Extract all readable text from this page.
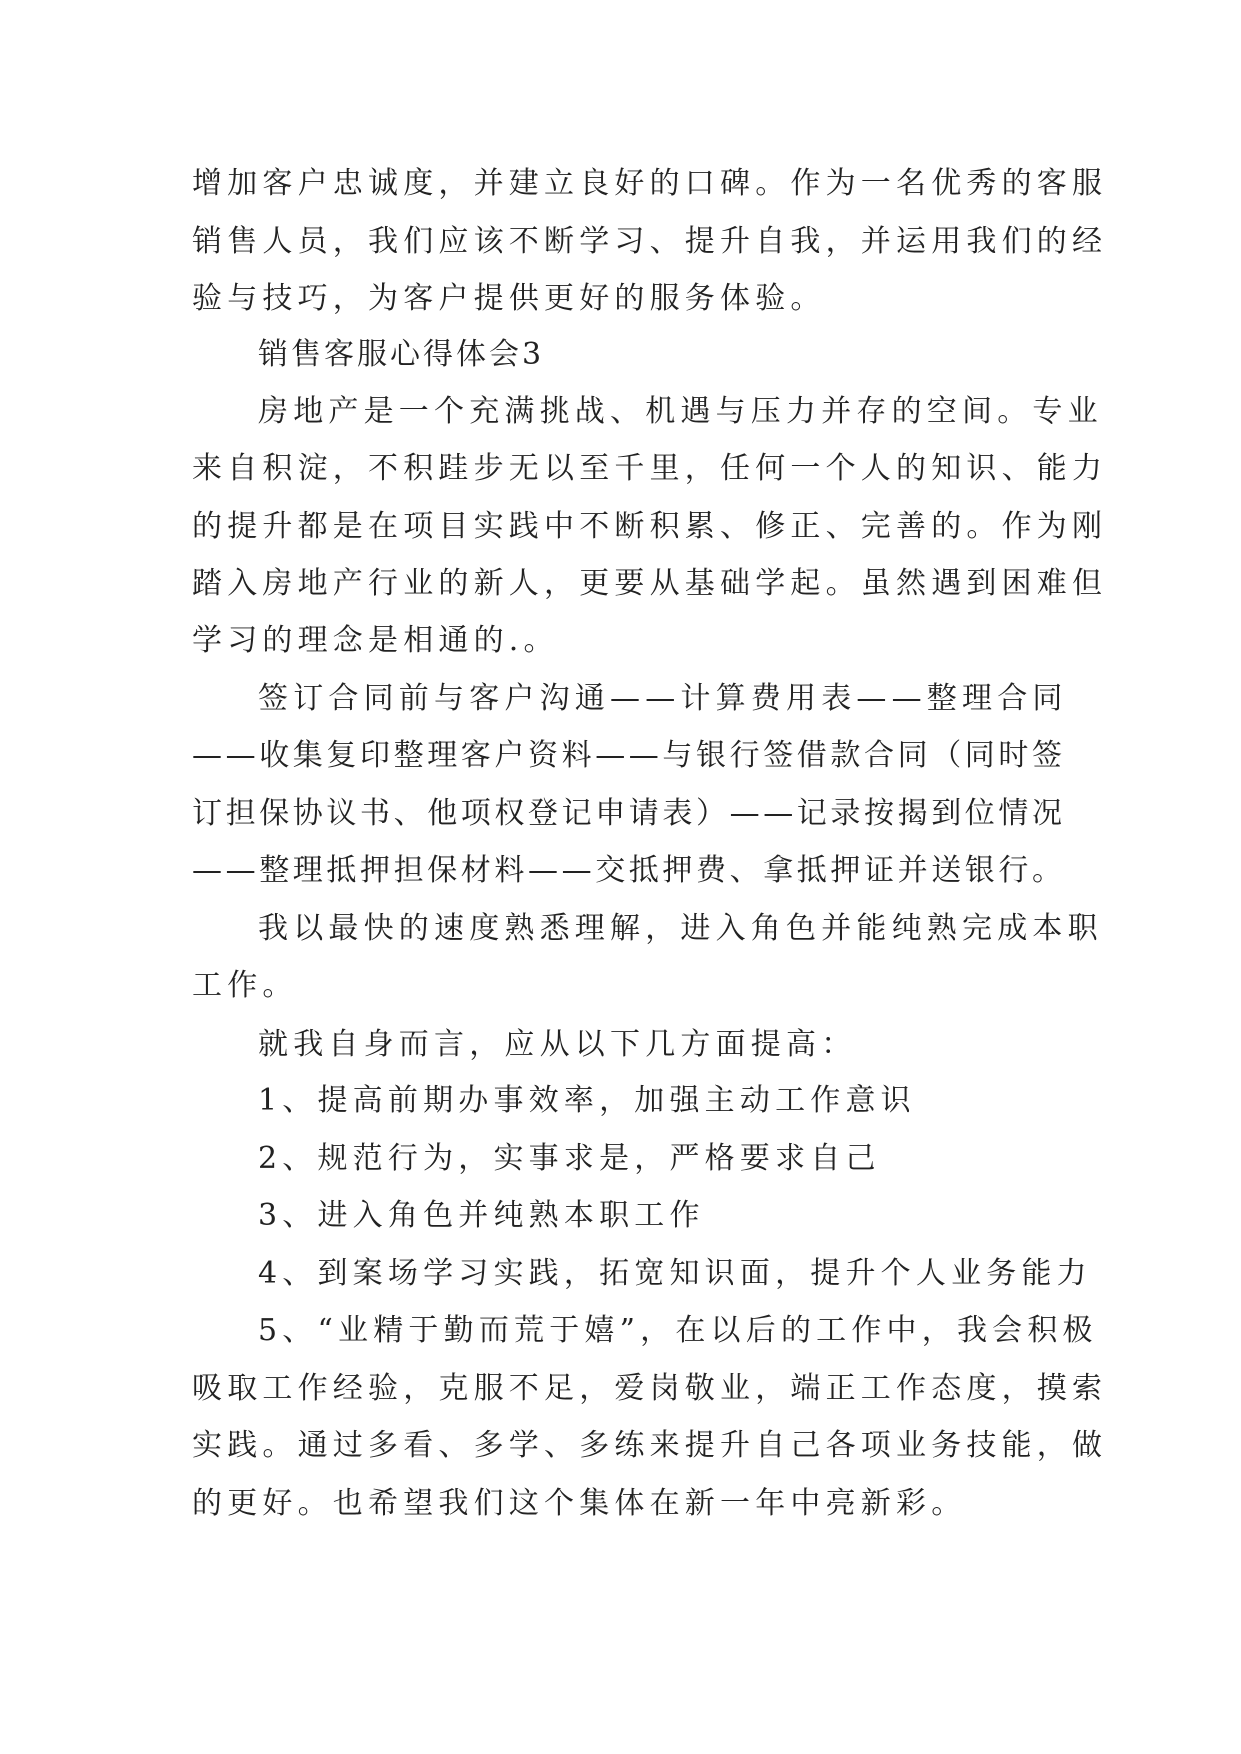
增加客户忠诚度，并建立良好的口碑。作为一名优秀的客服
销售人员，我们应该不断学习、提升自我，并运用我们的经
验与技巧，为客户提供更好的服务体验。
销售客服心得体会3
房地产是一个充满挑战、机遇与压力并存的空间。专业
来自积淀，不积跬步无以至千里，任何一个人的知识、能力
的提升都是在项目实践中不断积累、修正、完善的。作为刚
踏入房地产行业的新人，更要从基础学起。虽然遇到困难但
学习的理念是相通的.。
签订合同前与客户沟通——计算费用表——整理合同
——收集复印整理客户资料——与银行签借款合同（同时签
订担保协议书、他项权登记申请表）——记录按揭到位情况
——整理抵押担保材料——交抵押费、拿抵押证并送银行。
我以最快的速度熟悉理解，进入角色并能纯熟完成本职
工作。
就我自身而言，应从以下几方面提高：
1、提高前期办事效率，加强主动工作意识
2、规范行为，实事求是，严格要求自己
3、进入角色并纯熟本职工作
4、到案场学习实践，拓宽知识面，提升个人业务能力
5、“业精于勤而荒于嬉”，在以后的工作中，我会积极
吸取工作经验，克服不足，爱岗敬业，端正工作态度，摸索
实践。通过多看、多学、多练来提升自己各项业务技能，做
的更好。也希望我们这个集体在新一年中亮新彩。
